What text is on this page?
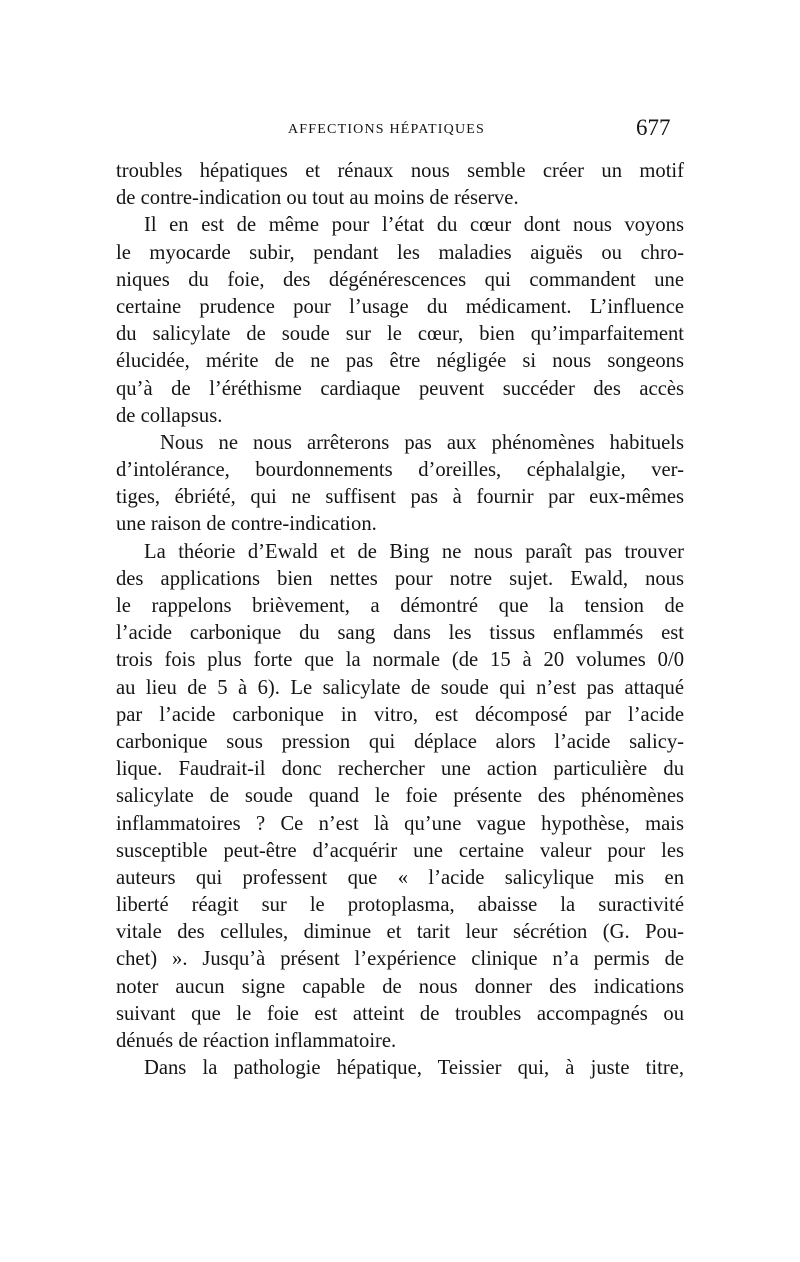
AFFECTIONS HÉPATIQUES	677
troubles hépatiques et rénaux nous semble créer un motif
de contre-indication ou tout au moins de réserve.
Il en est de même pour l’état du cœur dont nous voyons
le myocarde subir, pendant les maladies aiguës ou chro-
niques du foie, des dégénérescences qui commandent une
certaine prudence pour l’usage du médicament. L’influence
du salicylate de soude sur le cœur, bien qu’imparfaitement
élucidée, mérite de ne pas être négligée si nous songeons
qu’à de l’éréthisme cardiaque peuvent succéder des accès
de collapsus.
Nous ne nous arrêterons pas aux phénomènes habituels
d’intolérance, bourdonnements d’oreilles, céphalalgie, ver-
tiges, ébriété, qui ne suffisent pas à fournir par eux-mêmes
une raison de contre-indication.
La théorie d’Ewald et de Bing ne nous paraît pas trouver
des applications bien nettes pour notre sujet. Ewald, nous
le rappelons brièvement, a démontré que la tension de
l’acide carbonique du sang dans les tissus enflammés est
trois fois plus forte que la normale (de 15 à 20 volumes 0/0
au lieu de 5 à 6). Le salicylate de soude qui n’est pas attaqué
par l’acide carbonique in vitro, est décomposé par l’acide
carbonique sous pression qui déplace alors l’acide salicy-
lique. Faudrait-il donc rechercher une action particulière du
salicylate de soude quand le foie présente des phénomènes
inflammatoires ? Ce n’est là qu’une vague hypothèse, mais
susceptible peut-être d’acquérir une certaine valeur pour les
auteurs qui professent que « l’acide salicylique mis en
liberté réagit sur le protoplasma, abaisse la suractivité
vitale des cellules, diminue et tarit leur sécrétion (G. Pou-
chet) ». Jusqu’à présent l’expérience clinique n’a permis de
noter aucun signe capable de nous donner des indications
suivant que le foie est atteint de troubles accompagnés ou
dénués de réaction inflammatoire.
Dans la pathologie hépatique, Teissier qui, à juste titre,
